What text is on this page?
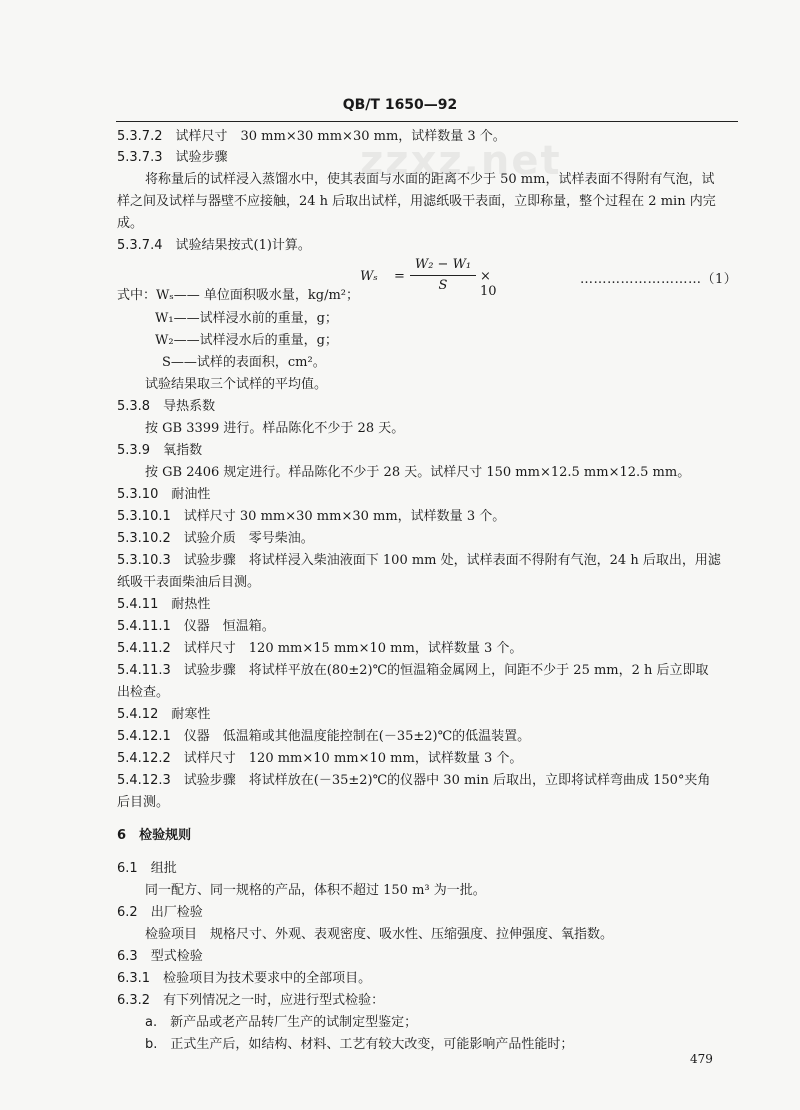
QB/T 1650—92
zzxz.net
5.3.7.2　 试样尺寸　30 mm×30 mm×30 mm，试样数量 3 个。
5.3.7.3　 试验步骤
将称量后的试样浸入蒸馏水中，使其表面与水面的距离不少于 50 mm，试样表面不得附有气泡，试
样之间及试样与器壁不应接触，24 h 后取出试样，用滤纸吸干表面，立即称量，整个过程在 2 min 内完
成。
5.3.7.4　 试验结果按式(1)计算。
式中：Wₛ—— 单位面积吸水量，kg/m²；
W₁——试样浸水前的重量，g；
W₂——试样浸水后的重量，g；
S——试样的表面积，cm²。
试验结果取三个试样的平均值。
5.3.8　 导热系数
按 GB 3399 进行。样品陈化不少于 28 天。
5.3.9　 氧指数
按 GB 2406 规定进行。样品陈化不少于 28 天。试样尺寸 150 mm×12.5 mm×12.5 mm。
5.3.10　 耐油性
5.3.10.1　 试样尺寸 30 mm×30 mm×30 mm，试样数量 3 个。
5.3.10.2　 试验介质　零号柴油。
5.3.10.3　 试验步骤　将试样浸入柴油液面下 100 mm 处，试样表面不得附有气泡，24 h 后取出，用滤
纸吸干表面柴油后目测。
5.4.11　 耐热性
5.4.11.1　 仪器　恒温箱。
5.4.11.2　 试样尺寸　120 mm×15 mm×10 mm，试样数量 3 个。
5.4.11.3　 试验步骤　将试样平放在(80±2)℃的恒温箱金属网上，间距不少于 25 mm，2 h 后立即取
出检查。
5.4.12　 耐寒性
5.4.12.1　 仪器　低温箱或其他温度能控制在(－35±2)℃的低温装置。
5.4.12.2　 试样尺寸　120 mm×10 mm×10 mm，试样数量 3 个。
5.4.12.3　 试验步骤　将试样放在(－35±2)℃的仪器中 30 min 后取出，立即将试样弯曲成 150°夹角
后目测。
6　 检验规则
6.1　 组批
同一配方、同一规格的产品，体积不超过 150 m³ 为一批。
6.2　 出厂检验
检验项目　规格尺寸、外观、表观密度、吸水性、压缩强度、拉伸强度、氧指数。
6.3　 型式检验
6.3.1　 检验项目为技术要求中的全部项目。
6.3.2　 有下列情况之一时，应进行型式检验：
a.　 新产品或老产品转厂生产的试制定型鉴定；
b.　 正式生产后，如结构、材料、工艺有较大改变，可能影响产品性能时；
Wₛ =
W₂ − W₁
S
× 10
………………………（1）
479
